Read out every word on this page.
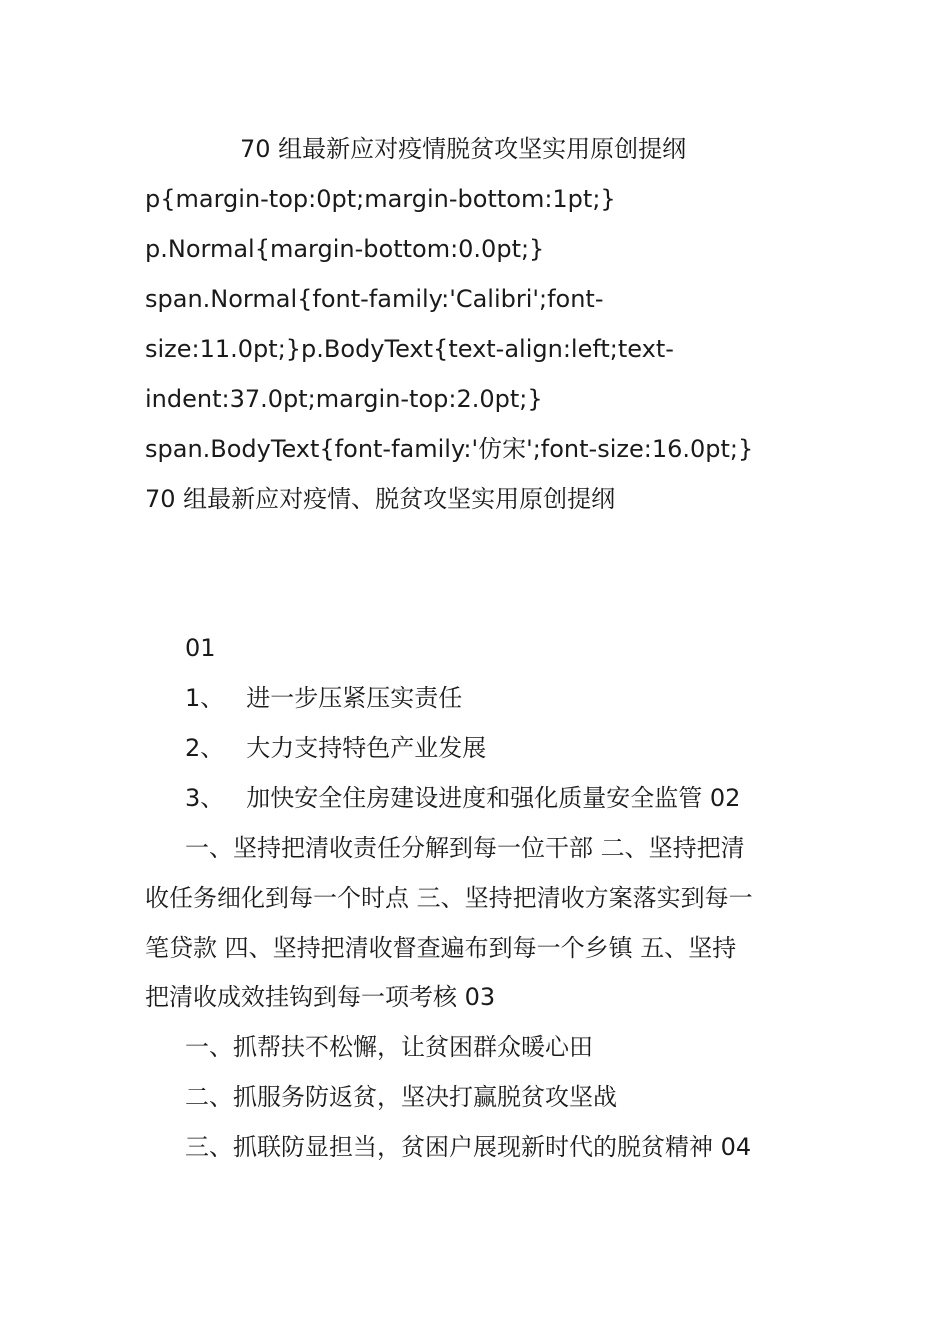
70 组最新应对疫情脱贫攻坚实用原创提纲

p{margin-top:0pt;margin-bottom:1pt;}

p.Normal{margin-bottom:0.0pt;}

span.Normal{font-family:'Calibri';font-

size:11.0pt;}p.BodyText{text-align:left;text-

indent:37.0pt;margin-top:2.0pt;}

span.BodyText{font-family:'仿宋';font-size:16.0pt;}

70 组最新应对疫情、脱贫攻坚实用原创提纲

01

1、 进一步压紧压实责任

2、 大力支持特色产业发展

3、 加快安全住房建设进度和强化质量安全监管 02

一、坚持把清收责任分解到每一位干部 二、坚持把清

收任务细化到每一个时点 三、坚持把清收方案落实到每一

笔贷款 四、坚持把清收督查遍布到每一个乡镇 五、坚持

把清收成效挂钩到每一项考核 03

一、抓帮扶不松懈，让贫困群众暖心田

二、抓服务防返贫，坚决打赢脱贫攻坚战

三、抓联防显担当，贫困户展现新时代的脱贫精神 04
